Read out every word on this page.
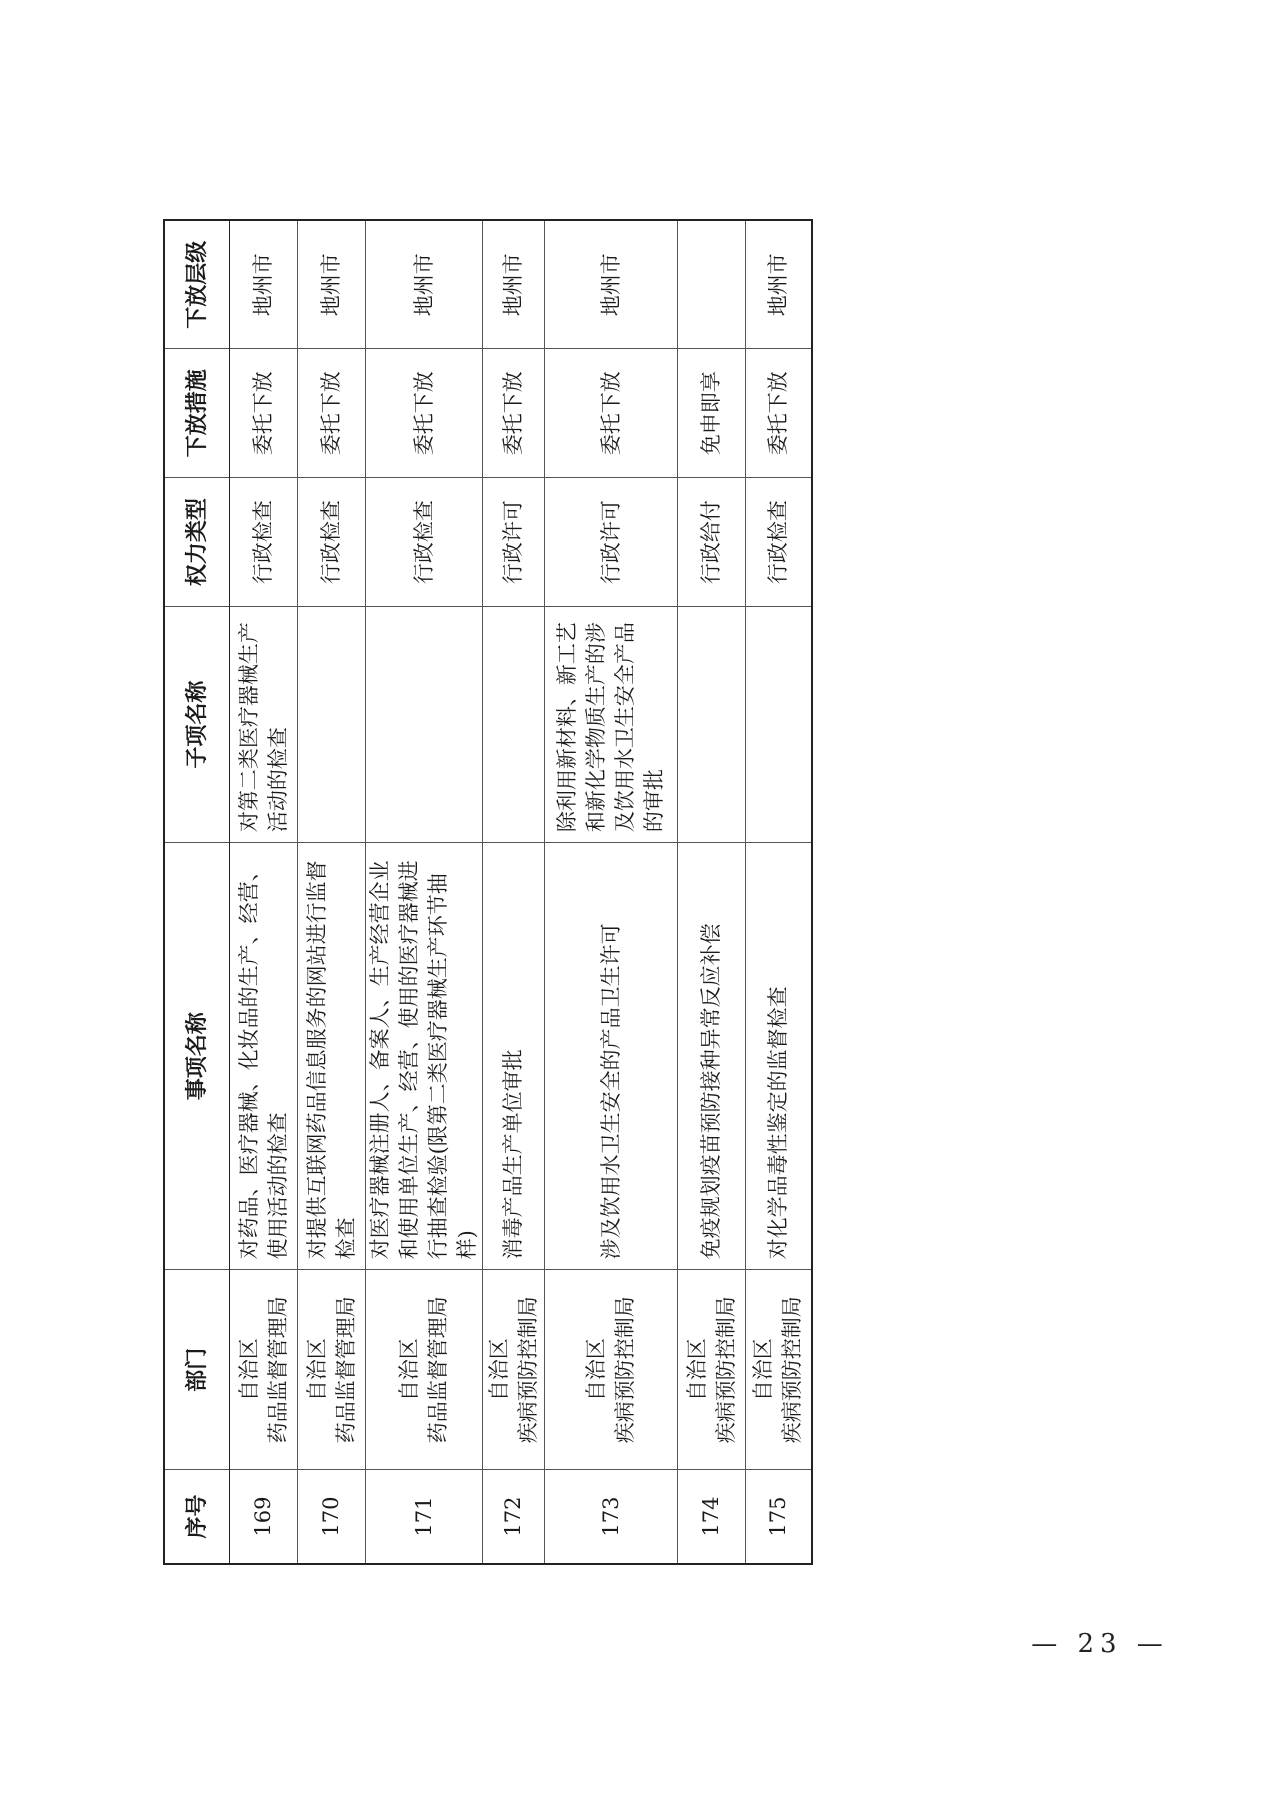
序号	部门	事项名称	子项名称	权力类型	下放措施	下放层级
169	自治区 药品监督管理局	对药品、医疗器械、化妆品的生产、经营、使用活动的检查	对第二类医疗器械生产活动的检查	行政检查	委托下放	地州市
170	自治区 药品监督管理局	对提供互联网药品信息服务的网站进行监督检查		行政检查	委托下放	地州市
171	自治区 药品监督管理局	对医疗器械注册人、备案人、生产经营企业和使用单位生产、经营、使用的医疗器械进行抽查检验(限第二类医疗器械生产环节抽样)		行政检查	委托下放	地州市
172	自治区 疾病预防控制局	消毒产品生产单位审批		行政许可	委托下放	地州市
173	自治区 疾病预防控制局	涉及饮用水卫生安全的产品卫生许可	除利用新材料、新工艺和新化学物质生产的涉及饮用水卫生安全产品的审批	行政许可	委托下放	地州市
174	自治区 疾病预防控制局	免疫规划疫苗预防接种异常反应补偿		行政给付	免申即享	
175	自治区 疾病预防控制局	对化学品毒性鉴定的监督检查		行政检查	委托下放	地州市
— 23 —
